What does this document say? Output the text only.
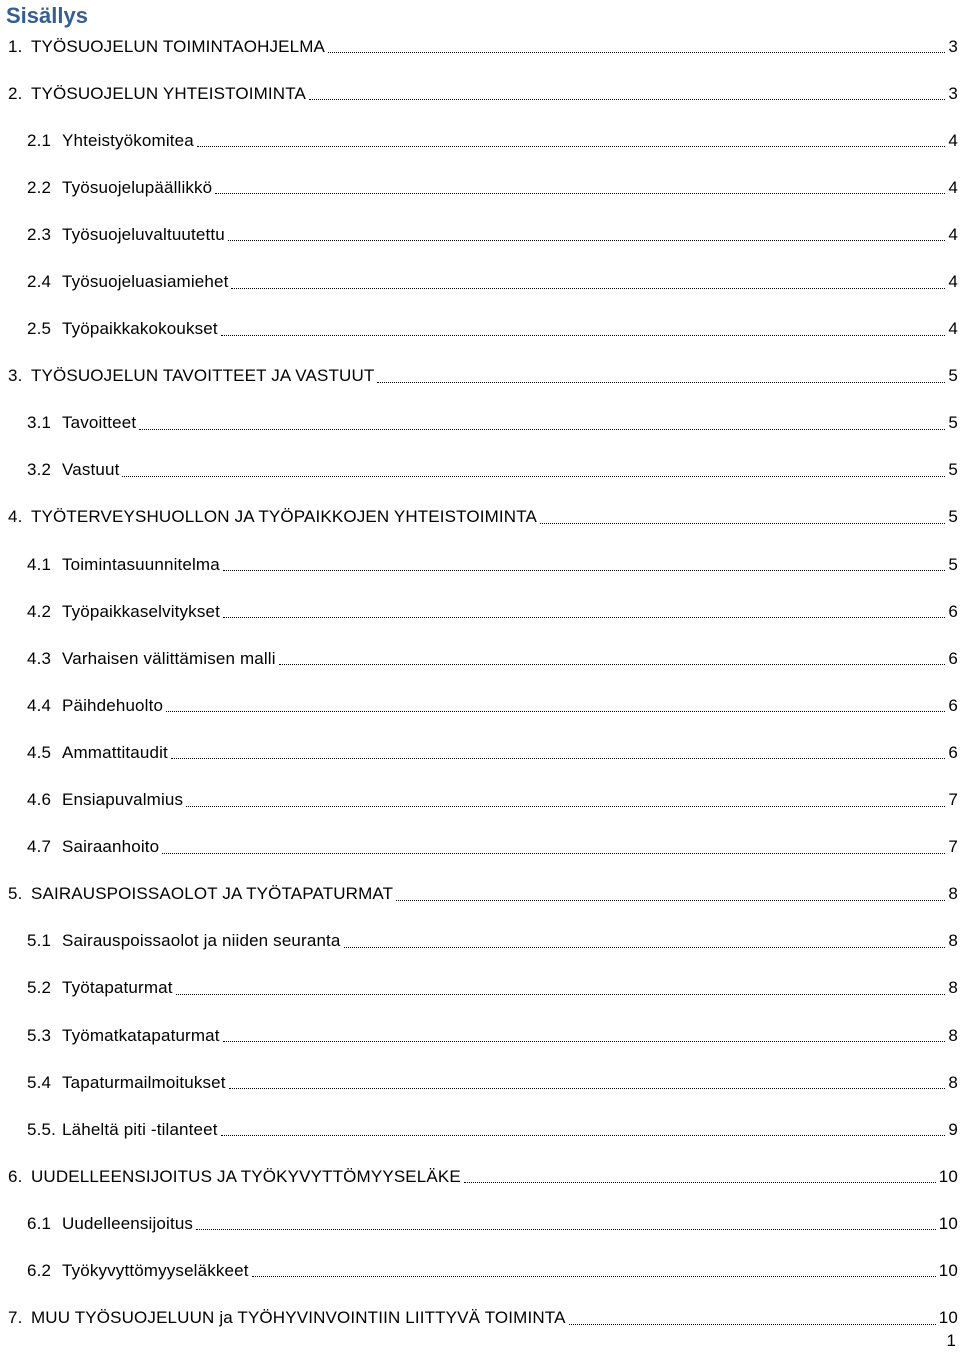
Sisällys
1. TYÖSUOJELUN TOIMINTAOHJELMA	3
2. TYÖSUOJELUN YHTEISTOIMINTA	3
2.1 Yhteistyökomitea	4
2.2 Työsuojelupäällikkö	4
2.3 Työsuojeluvaltuutettu	4
2.4 Työsuojeluasiamiehet	4
2.5 Työpaikkakokoukset	4
3. TYÖSUOJELUN TAVOITTEET JA VASTUUT	5
3.1 Tavoitteet	5
3.2 Vastuut	5
4. TYÖTERVEYSHUOLLON JA TYÖPAIKKOJEN YHTEISTOIMINTA	5
4.1 Toimintasuunnitelma	5
4.2 Työpaikkaselvitykset	6
4.3 Varhaisen välittämisen malli	6
4.4 Päihdehuolto	6
4.5 Ammattitaudit	6
4.6 Ensiapuvalmius	7
4.7 Sairaanhoito	7
5. SAIRAUSPOISSAOLOT JA TYÖTAPATURMAT	8
5.1 Sairauspoissaolot ja niiden seuranta	8
5.2 Työtapaturmat	8
5.3 Työmatkatapaturmat	8
5.4 Tapaturmailmoitukset	8
5.5. Läheltä piti -tilanteet	9
6. UUDELLEENSIJOITUS JA TYÖKYVYTTÖMYYSELÄKE	10
6.1 Uudelleensijoitus	10
6.2 Työkyvyttömyyseläkkeet	10
7. MUU TYÖSUOJELUUN ja TYÖHYVINVOINTIIN LIITTYVÄ TOIMINTA	10
1
